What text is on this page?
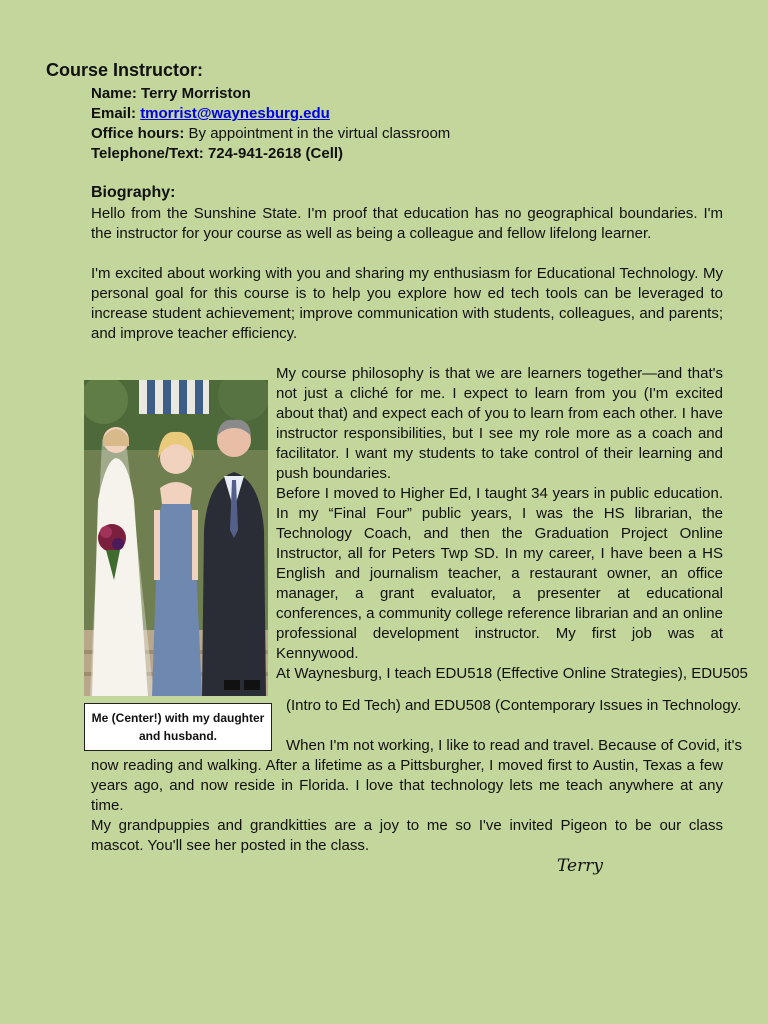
Course Instructor:
Name: Terry Morriston
Email: tmorrist@waynesburg.edu
Office hours: By appointment in the virtual classroom
Telephone/Text: 724-941-2618 (Cell)
Biography:

Hello from the Sunshine State. I'm proof that education has no geographical boundaries. I'm the instructor for your course as well as being a colleague and fellow lifelong learner.

I'm excited about working with you and sharing my enthusiasm for Educational Technology. My personal goal for this course is to help you explore how ed tech tools can be leveraged to increase student achievement; improve communication with students, colleagues, and parents; and improve teacher efficiency.

My course philosophy is that we are learners together—and that's not just a cliché for me. I expect to learn from you (I'm excited about that) and expect each of you to learn from each other. I have instructor responsibilities, but I see my role more as a coach and facilitator. I want my students to take control of their learning and push boundaries.

Before I moved to Higher Ed, I taught 34 years in public education. In my “Final Four” public years, I was the HS librarian, the Technology Coach, and then the Graduation Project Online Instructor, all for Peters Twp SD. In my career, I have been a HS English and journalism teacher, a restaurant owner, an office manager, a grant evaluator, a presenter at educational conferences, a community college reference librarian and an online professional development instructor. My first job was at Kennywood.

At Waynesburg, I teach EDU518 (Effective Online Strategies), EDU505

(Intro to Ed Tech) and EDU508 (Contemporary Issues in Technology.

When I'm not working, I like to read and travel. Because of Covid, it's

now reading and walking. After a lifetime as a Pittsburgher, I moved first to Austin, Texas a few years ago, and now reside in Florida. I love that technology lets me teach anywhere at any time.

My grandpuppies and grandkitties are a joy to me so I've invited Pigeon to be our class mascot. You'll see her posted in the class.

Me (Center!) with my daughter and husband.
Terry
